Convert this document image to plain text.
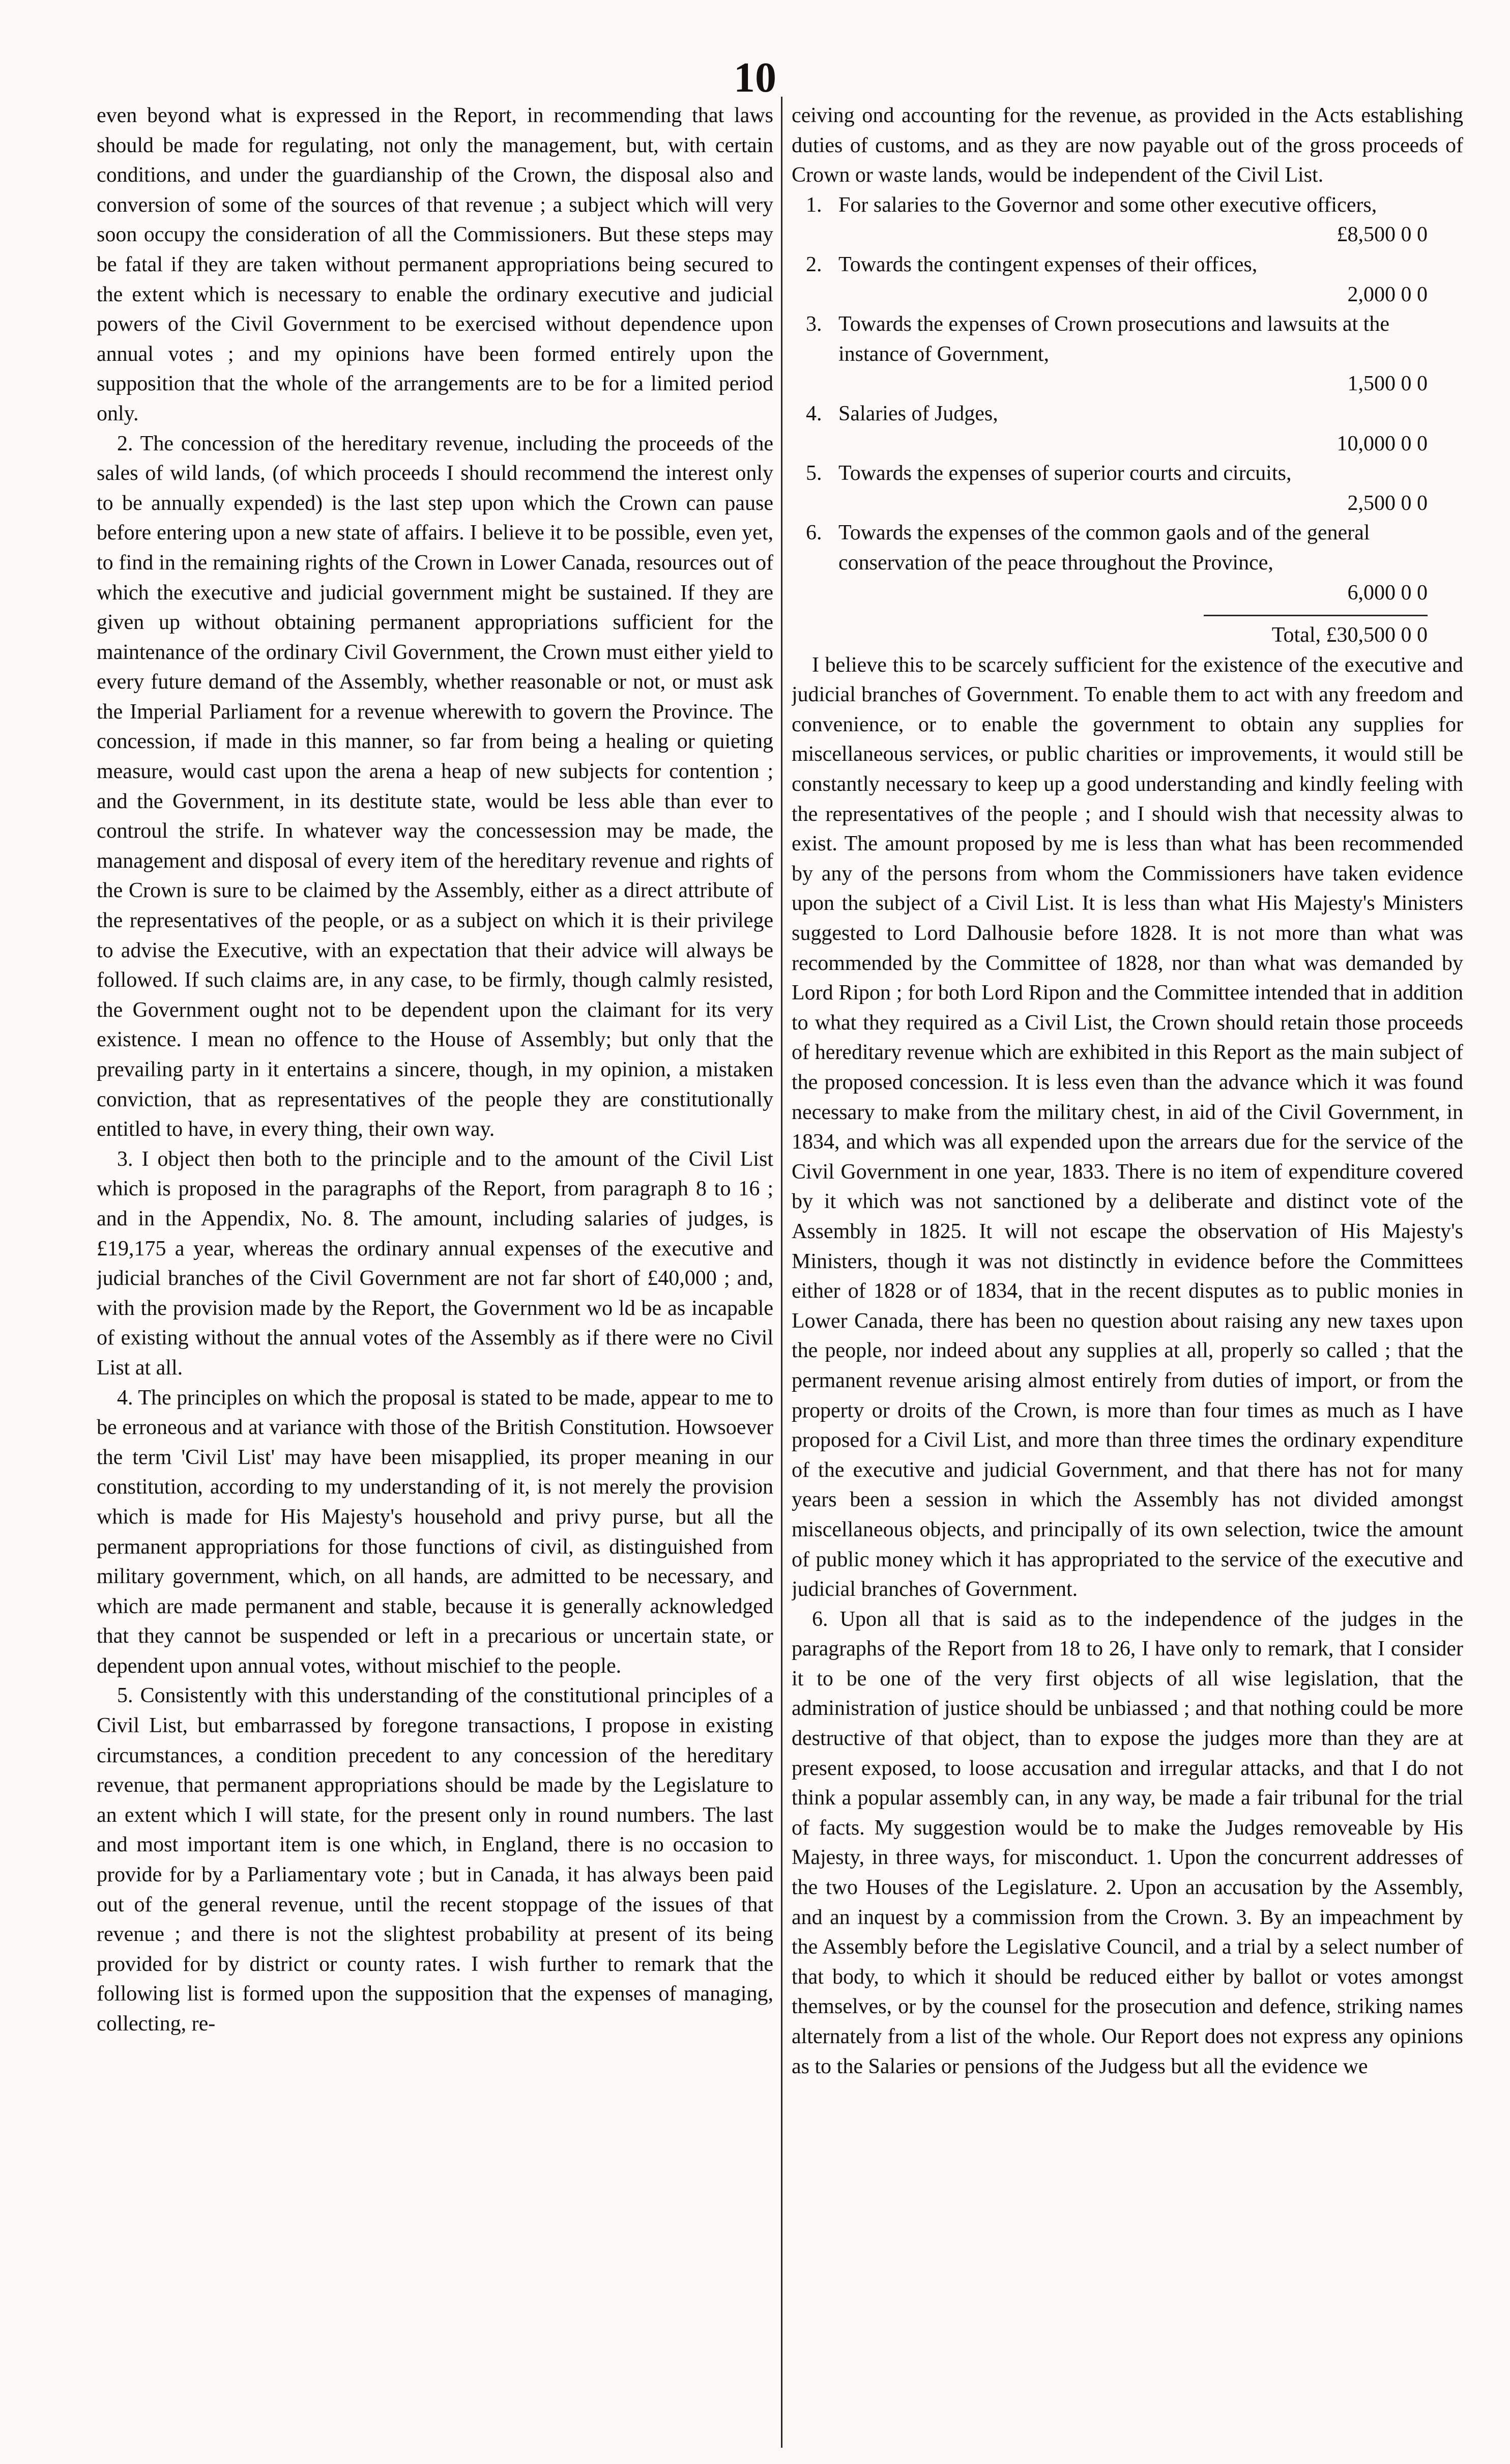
10

even beyond what is expressed in the Report, in recommending that laws should be made for regulating, not only the management, but, with certain conditions, and under the guardianship of the Crown, the disposal also and conversion of some of the sources of that revenue ; a subject which will very soon occupy the consideration of all the Commissioners. But these steps may be fatal if they are taken without permanent appropriations being secured to the extent which is necessary to enable the ordinary executive and judicial powers of the Civil Government to be exercised without dependence upon annual votes ; and my opinions have been formed entirely upon the supposition that the whole of the arrangements are to be for a limited period only.

2. The concession of the hereditary revenue, including the proceeds of the sales of wild lands, (of which proceeds I should recommend the interest only to be annually expended) is the last step upon which the Crown can pause before entering upon a new state of affairs. I believe it to be possible, even yet, to find in the remaining rights of the Crown in Lower Canada, resources out of which the executive and judicial government might be sustained. If they are given up without obtaining permanent appropriations sufficient for the maintenance of the ordinary Civil Government, the Crown must either yield to every future demand of the Assembly, whether reasonable or not, or must ask the Imperial Parliament for a revenue wherewith to govern the Province. The concession, if made in this manner, so far from being a healing or quieting measure, would cast upon the arena a heap of new subjects for contention ; and the Government, in its destitute state, would be less able than ever to controul the strife. In whatever way the concessession may be made, the management and disposal of every item of the hereditary revenue and rights of the Crown is sure to be claimed by the Assembly, either as a direct attribute of the representatives of the people, or as a subject on which it is their privilege to advise the Executive, with an expectation that their advice will always be followed. If such claims are, in any case, to be firmly, though calmly resisted, the Government ought not to be dependent upon the claimant for its very existence. I mean no offence to the House of Assembly; but only that the prevailing party in it entertains a sincere, though, in my opinion, a mistaken conviction, that as representatives of the people they are constitutionally entitled to have, in every thing, their own way.

3. I object then both to the principle and to the amount of the Civil List which is proposed in the paragraphs of the Report, from paragraph 8 to 16 ; and in the Appendix, No. 8. The amount, including salaries of judges, is £19,175 a year, whereas the ordinary annual expenses of the executive and judicial branches of the Civil Government are not far short of £40,000 ; and, with the provision made by the Report, the Government wo ld be as incapable of existing without the annual votes of the Assembly as if there were no Civil List at all.

4. The principles on which the proposal is stated to be made, appear to me to be erroneous and at variance with those of the British Constitution. Howsoever the term 'Civil List' may have been misapplied, its proper meaning in our constitution, according to my understanding of it, is not merely the provision which is made for His Majesty's household and privy purse, but all the permanent appropriations for those functions of civil, as distinguished from military government, which, on all hands, are admitted to be necessary, and which are made permanent and stable, because it is generally acknowledged that they cannot be suspended or left in a precarious or uncertain state, or dependent upon annual votes, without mischief to the people.

5. Consistently with this understanding of the constitutional principles of a Civil List, but embarrassed by foregone transactions, I propose in existing circumstances, a condition precedent to any concession of the hereditary revenue, that permanent appropriations should be made by the Legislature to an extent which I will state, for the present only in round numbers. The last and most important item is one which, in England, there is no occasion to provide for by a Parliamentary vote ; but in Canada, it has always been paid out of the general revenue, until the recent stoppage of the issues of that revenue ; and there is not the slightest probability at present of its being provided for by district or county rates. I wish further to remark that the following list is formed upon the supposition that the expenses of managing, collecting, re-

ceiving ond accounting for the revenue, as provided in the Acts establishing duties of customs, and as they are now payable out of the gross proceeds of Crown or waste lands, would be independent of the Civil List.

1. For salaries to the Governor and some other executive officers,
£8,500 0 0
2. Towards the contingent expenses of their offices,
2,000 0 0
3. Towards the expenses of Crown prosecutions and lawsuits at the instance of Government,
1,500 0 0
4. Salaries of Judges,
10,000 0 0
5. Towards the expenses of superior courts and circuits,
2,500 0 0
6. Towards the expenses of the common gaols and of the general conservation of the peace throughout the Province,
6,000 0 0

Total, £30,500 0 0

I believe this to be scarcely sufficient for the existence of the executive and judicial branches of Government. To enable them to act with any freedom and convenience, or to enable the government to obtain any supplies for miscellaneous services, or public charities or improvements, it would still be constantly necessary to keep up a good understanding and kindly feeling with the representatives of the people ; and I should wish that necessity alwas to exist. The amount proposed by me is less than what has been recommended by any of the persons from whom the Commissioners have taken evidence upon the subject of a Civil List. It is less than what His Majesty's Ministers suggested to Lord Dalhousie before 1828. It is not more than what was recommended by the Committee of 1828, nor than what was demanded by Lord Ripon ; for both Lord Ripon and the Committee intended that in addition to what they required as a Civil List, the Crown should retain those proceeds of hereditary revenue which are exhibited in this Report as the main subject of the proposed concession. It is less even than the advance which it was found necessary to make from the military chest, in aid of the Civil Government, in 1834, and which was all expended upon the arrears due for the service of the Civil Government in one year, 1833. There is no item of expenditure covered by it which was not sanctioned by a deliberate and distinct vote of the Assembly in 1825. It will not escape the observation of His Majesty's Ministers, though it was not distinctly in evidence before the Committees either of 1828 or of 1834, that in the recent disputes as to public monies in Lower Canada, there has been no question about raising any new taxes upon the people, nor indeed about any supplies at all, properly so called ; that the permanent revenue arising almost entirely from duties of import, or from the property or droits of the Crown, is more than four times as much as I have proposed for a Civil List, and more than three times the ordinary expenditure of the executive and judicial Government, and that there has not for many years been a session in which the Assembly has not divided amongst miscellaneous objects, and principally of its own selection, twice the amount of public money which it has appropriated to the service of the executive and judicial branches of Government.

6. Upon all that is said as to the independence of the judges in the paragraphs of the Report from 18 to 26, I have only to remark, that I consider it to be one of the very first objects of all wise legislation, that the administration of justice should be unbiassed ; and that nothing could be more destructive of that object, than to expose the judges more than they are at present exposed, to loose accusation and irregular attacks, and that I do not think a popular assembly can, in any way, be made a fair tribunal for the trial of facts. My suggestion would be to make the Judges removeable by His Majesty, in three ways, for misconduct. 1. Upon the concurrent addresses of the two Houses of the Legislature. 2. Upon an accusation by the Assembly, and an inquest by a commission from the Crown. 3. By an impeachment by the Assembly before the Legislative Council, and a trial by a select number of that body, to which it should be reduced either by ballot or votes amongst themselves, or by the counsel for the prosecution and defence, striking names alternately from a list of the whole. Our Report does not express any opinions as to the Salaries or pensions of the Judgess but all the evidence we
